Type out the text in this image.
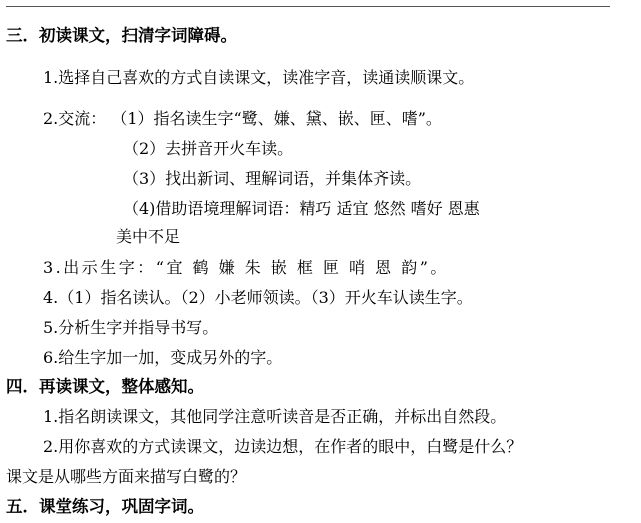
三．初读课文，扫清字词障碍。
1.选择自己喜欢的方式自读课文，读准字音，读通读顺课文。
2.交流： （1）指名读生字“鹭、嫌、黛、嵌、匣、嗜”。
（2）去拼音开火车读。
（3）找出新词、理解词语，并集体齐读。
（4)借助语境理解词语：精巧 适宜 悠然 嗜好 恩惠
美中不足
3.出示生字：“宜 鹤 嫌 朱 嵌 框 匣 哨 恩 韵”。
4.（1）指名读认。（2）小老师领读。（3）开火车认读生字。
5.分析生字并指导书写。
6.给生字加一加，变成另外的字。
四．再读课文，整体感知。
1.指名朗读课文，其他同学注意听读音是否正确，并标出自然段。
2.用你喜欢的方式读课文，边读边想，在作者的眼中，白鹭是什么？
课文是从哪些方面来描写白鹭的？
五．课堂练习，巩固字词。
